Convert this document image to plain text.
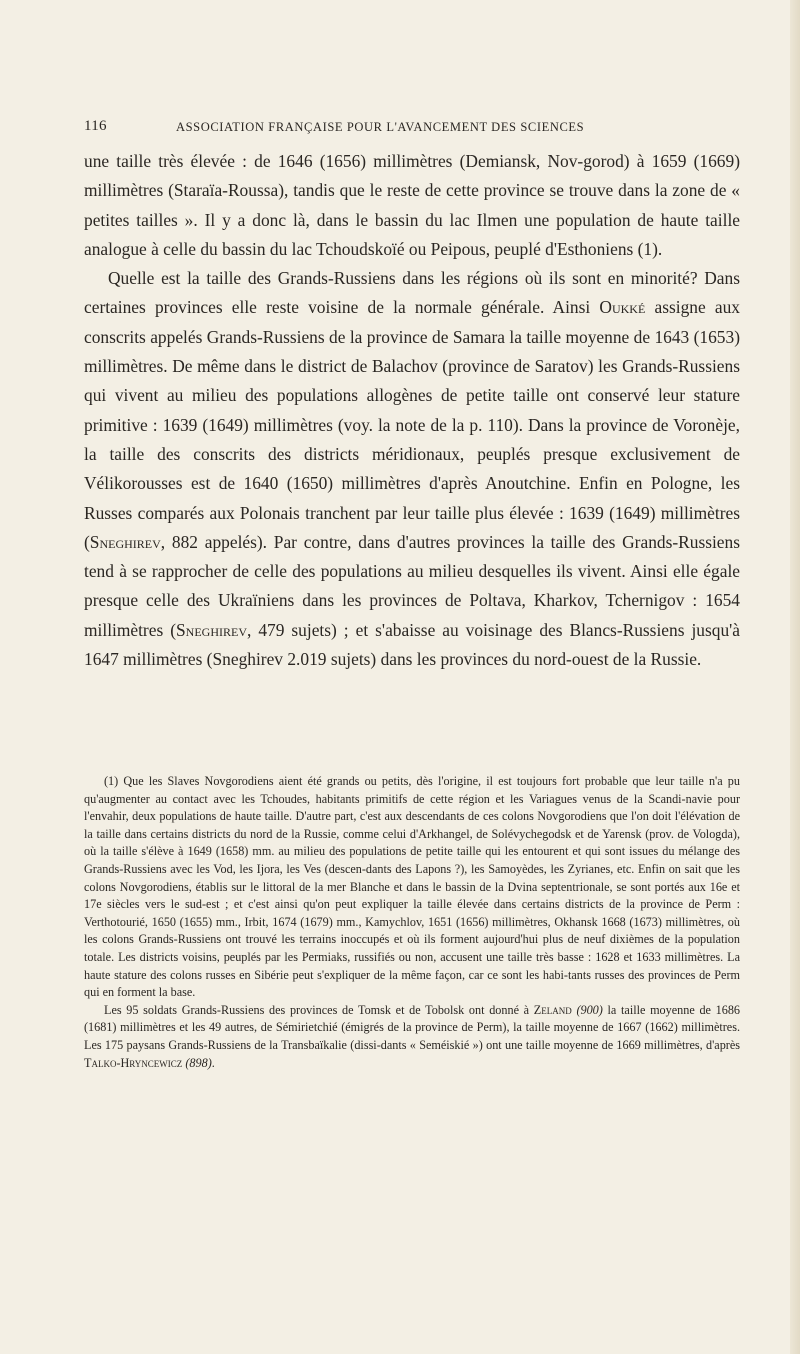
116	ASSOCIATION FRANÇAISE POUR L'AVANCEMENT DES SCIENCES

une taille très élevée : de 1646 (1656) millimètres (Demiansk, Nov-gorod) à 1659 (1669) millimètres (Staraïa-Roussa), tandis que le reste de cette province se trouve dans la zone de « petites tailles ». Il y a donc là, dans le bassin du lac Ilmen une population de haute taille analogue à celle du bassin du lac Tchoudskoïé ou Peipous, peuplé d'Esthoniens (1).

Quelle est la taille des Grands-Russiens dans les régions où ils sont en minorité? Dans certaines provinces elle reste voisine de la normale générale. Ainsi Oukké assigne aux conscrits appelés Grands-Russiens de la province de Samara la taille moyenne de 1643 (1653) millimètres. De même dans le district de Balachov (province de Saratov) les Grands-Russiens qui vivent au milieu des populations allogènes de petite taille ont conservé leur stature primitive : 1639 (1649) millimètres (voy. la note de la p. 110). Dans la province de Voronèje, la taille des conscrits des districts méridionaux, peuplés presque exclusivement de Vélikorousses est de 1640 (1650) millimètres d'après Anoutchine. Enfin en Pologne, les Russes comparés aux Polonais tranchent par leur taille plus élevée : 1639 (1649) millimètres (Sneghirev, 882 appelés). Par contre, dans d'autres provinces la taille des Grands-Russiens tend à se rapprocher de celle des populations au milieu desquelles ils vivent. Ainsi elle égale presque celle des Ukraïniens dans les provinces de Poltava, Kharkov, Tchernigov : 1654 millimètres (Sneghirev, 479 sujets) ; et s'abaisse au voisinage des Blancs-Russiens jusqu'à 1647 millimètres (Sneghirev 2.019 sujets) dans les provinces du nord-ouest de la Russie.

(1) Que les Slaves Novgorodiens aient été grands ou petits, dès l'origine, il est toujours fort probable que leur taille n'a pu qu'augmenter au contact avec les Tchoudes, habitants primitifs de cette région et les Variagues venus de la Scandi-navie pour l'envahir, deux populations de haute taille. D'autre part, c'est aux descendants de ces colons Novgorodiens que l'on doit l'élévation de la taille dans certains districts du nord de la Russie, comme celui d'Arkhangel, de Solévychegodsk et de Yarensk (prov. de Vologda), où la taille s'élève à 1649 (1658) mm. au milieu des populations de petite taille qui les entourent et qui sont issues du mélange des Grands-Russiens avec les Vod, les Ijora, les Ves (descen-dants des Lapons ?), les Samoyèdes, les Zyrianes, etc. Enfin on sait que les colons Novgorodiens, établis sur le littoral de la mer Blanche et dans le bassin de la Dvina septentrionale, se sont portés aux 16e et 17e siècles vers le sud-est ; et c'est ainsi qu'on peut expliquer la taille élevée dans certains districts de la province de Perm : Verthotourié, 1650 (1655) mm., Irbit, 1674 (1679) mm., Kamychlov, 1651 (1656) millimètres, Okhansk 1668 (1673) millimètres, où les colons Grands-Russiens ont trouvé les terrains inoccupés et où ils forment aujourd'hui plus de neuf dixièmes de la population totale. Les districts voisins, peuplés par les Permiaks, russifiés ou non, accusent une taille très basse : 1628 et 1633 millimètres. La haute stature des colons russes en Sibérie peut s'expliquer de la même façon, car ce sont les habi-tants russes des provinces de Perm qui en forment la base.

Les 95 soldats Grands-Russiens des provinces de Tomsk et de Tobolsk ont donné à Zeland (900) la taille moyenne de 1686 (1681) millimètres et les 49 autres, de Sémirietchié (émigrés de la province de Perm), la taille moyenne de 1667 (1662) millimètres. Les 175 paysans Grands-Russiens de la Transbaïkalie (dissi-dants « Seméiskié ») ont une taille moyenne de 1669 millimètres, d'après Talko-Hryncewicz (898).
